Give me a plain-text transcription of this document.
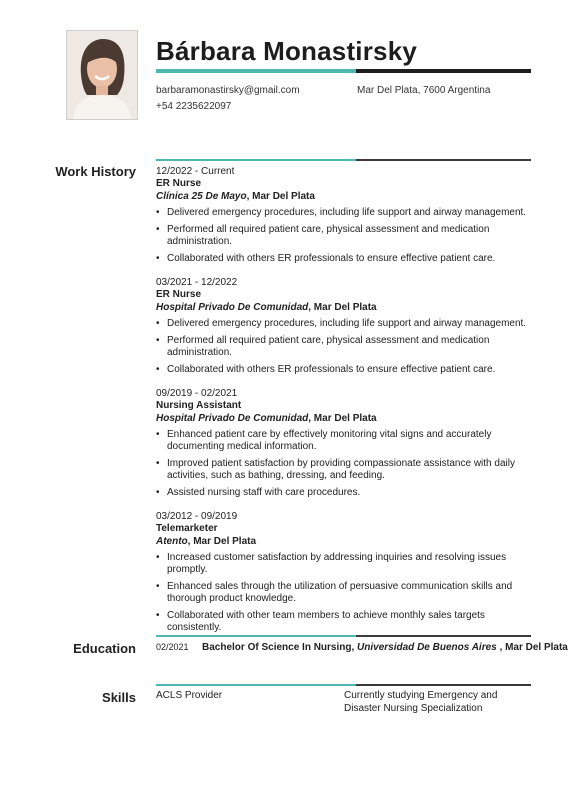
Bárbara Monastirsky
barbaramonastirsky@gmail.com	Mar Del Plata, 7600 Argentina
+54 2235622097
Work History 12/2022 - Current
ER Nurse
Clínica 25 De Mayo, Mar Del Plata
• Delivered emergency procedures, including life support and airway management.
• Performed all required patient care, physical assessment and medication administration.
• Collaborated with others ER professionals to ensure effective patient care.
03/2021 - 12/2022
ER Nurse
Hospital Privado De Comunidad, Mar Del Plata
• Delivered emergency procedures, including life support and airway management.
• Performed all required patient care, physical assessment and medication administration.
• Collaborated with others ER professionals to ensure effective patient care.
09/2019 - 02/2021
Nursing Assistant
Hospital Privado De Comunidad, Mar Del Plata
• Enhanced patient care by effectively monitoring vital signs and accurately documenting medical information.
• Improved patient satisfaction by providing compassionate assistance with daily activities, such as bathing, dressing, and feeding.
• Assisted nursing staff with care procedures.
03/2012 - 09/2019
Telemarketer
Atento, Mar Del Plata
• Increased customer satisfaction by addressing inquiries and resolving issues promptly.
• Enhanced sales through the utilization of persuasive communication skills and thorough product knowledge.
• Collaborated with other team members to achieve monthly sales targets consistently.
Education 02/2021	Bachelor Of Science In Nursing, Universidad De Buenos Aires , Mar Del Plata
Skills ACLS Provider	Currently studying Emergency and Disaster Nursing Specialization
